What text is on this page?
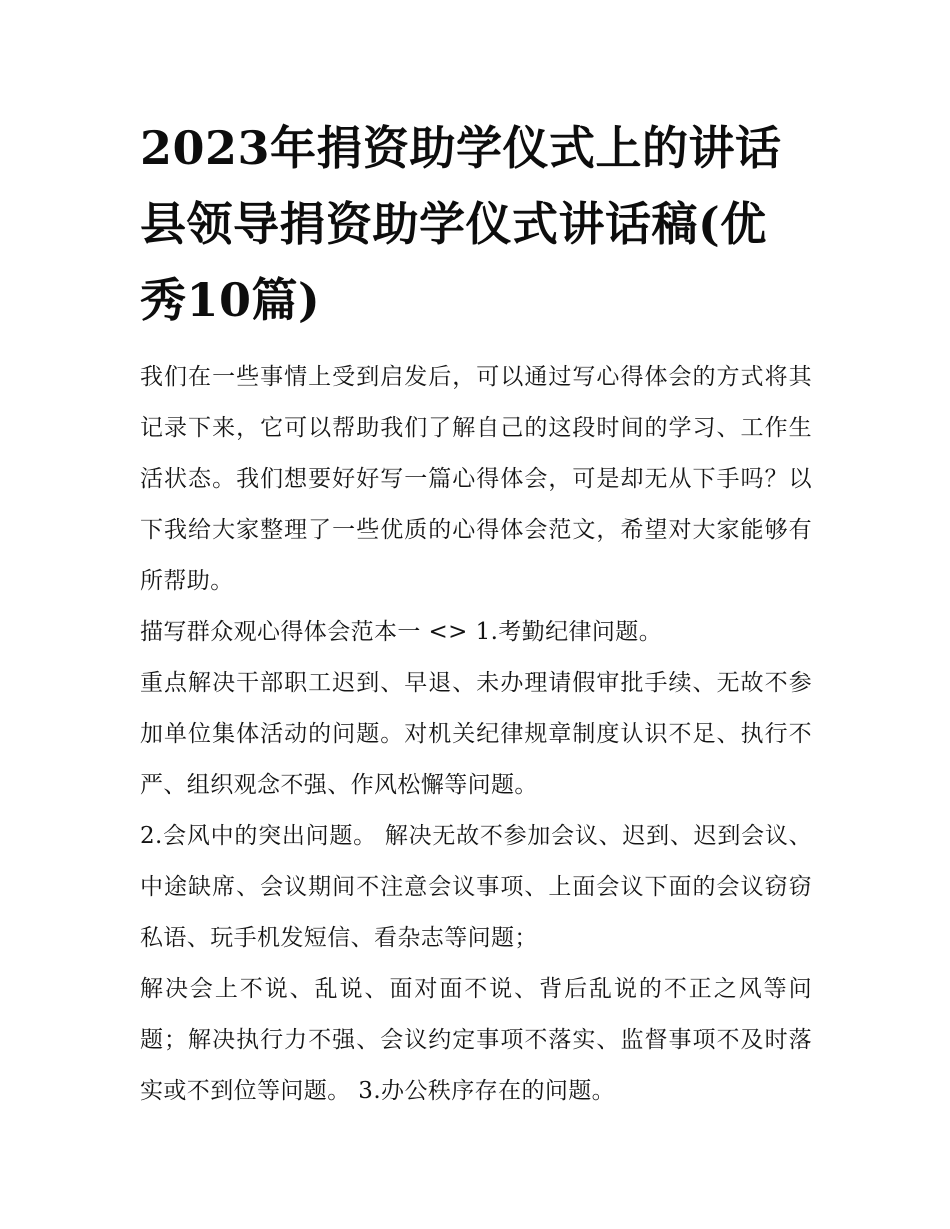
2023年捐资助学仪式上的讲话县领导捐资助学仪式讲话稿(优秀10篇)

我们在一些事情上受到启发后，可以通过写心得体会的方式将其记录下来，它可以帮助我们了解自己的这段时间的学习、工作生活状态。我们想要好好写一篇心得体会，可是却无从下手吗？以下我给大家整理了一些优质的心得体会范文，希望对大家能够有所帮助。

描写群众观心得体会范本一 <> 1.考勤纪律问题。

重点解决干部职工迟到、早退、未办理请假审批手续、无故不参加单位集体活动的问题。对机关纪律规章制度认识不足、执行不严、组织观念不强、作风松懈等问题。

2.会风中的突出问题。 解决无故不参加会议、迟到、迟到会议、中途缺席、会议期间不注意会议事项、上面会议下面的会议窃窃私语、玩手机发短信、看杂志等问题；

解决会上不说、乱说、面对面不说、背后乱说的不正之风等问题；解决执行力不强、会议约定事项不落实、监督事项不及时落实或不到位等问题。 3.办公秩序存在的问题。
